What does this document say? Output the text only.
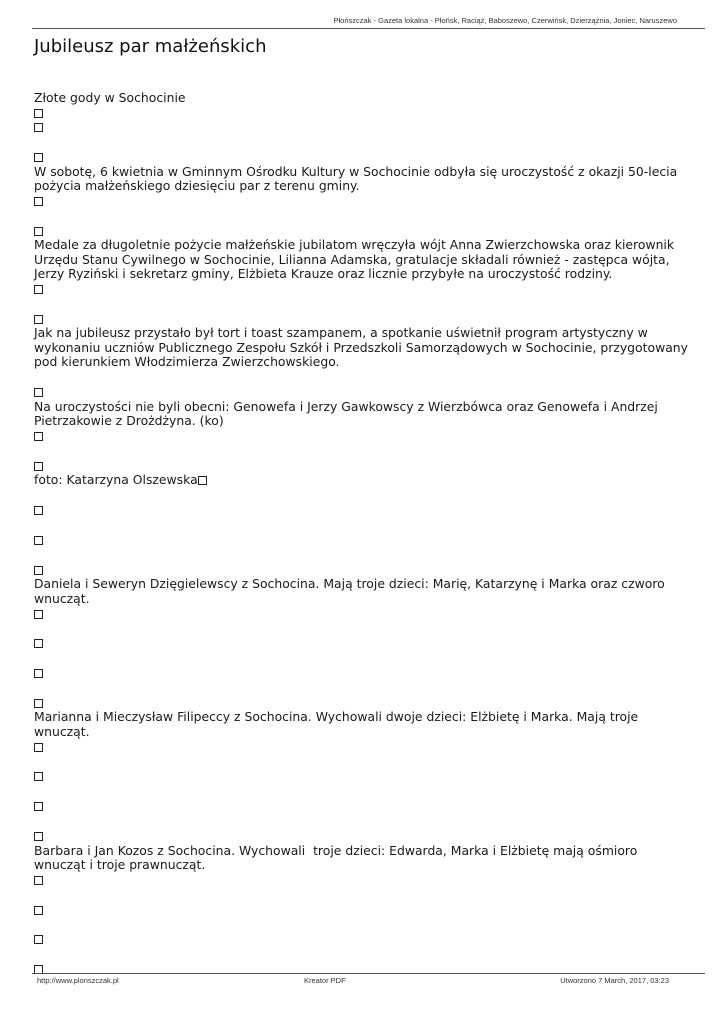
Płońszczak - Gazeta lokalna - Płońsk, Raciąż, Baboszewo, Czerwińsk, Dzierzążnia, Joniec, Naruszewo
Jubileusz par małżeńskich
Złote gody w Sochocinie
W sobotę, 6 kwietnia w Gminnym Ośrodku Kultury w Sochocinie odbyła się uroczystość z okazji 50-lecia
pożycia małżeńskiego dziesięciu par z terenu gminy.
Medale za długoletnie pożycie małżeńskie jubilatom wręczyła wójt Anna Zwierzchowska oraz kierownik
Urzędu Stanu Cywilnego w Sochocinie, Lilianna Adamska, gratulacje składali również - zastępca wójta,
Jerzy Ryziński i sekretarz gminy, Elżbieta Krauze oraz licznie przybyłe na uroczystość rodziny.
Jak na jubileusz przystało był tort i toast szampanem, a spotkanie uświetnił program artystyczny w
wykonaniu uczniów Publicznego Zespołu Szkół i Przedszkoli Samorządowych w Sochocinie, przygotowany
pod kierunkiem Włodzimierza Zwierzchowskiego.
Na uroczystości nie byli obecni: Genowefa i Jerzy Gawkowscy z Wierzbówca oraz Genowefa i Andrzej
Pietrzakowie z Drożdżyna. (ko)
foto: Katarzyna Olszewska
Daniela i Seweryn Dzięgielewscy z Sochocina. Mają troje dzieci: Marię, Katarzynę i Marka oraz czworo
wnucząt.
Marianna i Mieczysław Filipeccy z Sochocina. Wychowali dwoje dzieci: Elżbietę i Marka. Mają troje
wnucząt.
Barbara i Jan Kozos z Sochocina. Wychowali  troje dzieci: Edwarda, Marka i Elżbietę mają ośmioro
wnucząt i troje prawnucząt.
http://www.plonszczak.pl	Kreator PDF	Utworzono 7 March, 2017, 03:23
